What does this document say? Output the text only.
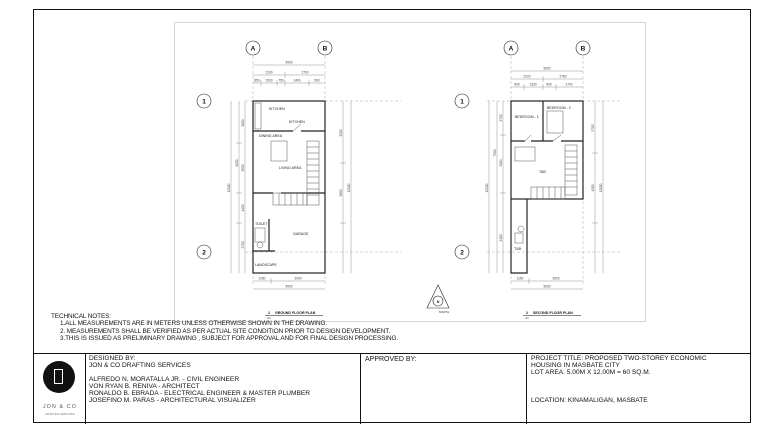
A	B
1
2
5000
2100	2700
850 1500 750	1400	500
12000
6200
3000
3000
1400
2700
3200
2600
12000
KITCHEN
KITCHEN
DINING AREA
LIVING AREA
TOILET
GARAGE
LANDSCAPE
1150	3000
5000
1
A1
GROUND FLOOR PLAN
A	B
1
2
5000
2220	2780
900	1300	900	1700
12000
7500
2700
3300
2100
2700
4500 12000
BEDROOM - 1
BEDROOM - 2
TAB
T&B
1150	3000
5000
2
A1
SECOND FLOOR PLAN
N
NORTH
TECHNICAL NOTES:
1.ALL MEASUREMENTS ARE IN METERS UNLESS OTHERWISE SHOWN IN THE DRAWING.
2. MEASUREMENTS SHALL BE VERIFIED AS PER ACTUAL SITE CONDITION PRIOR TO DESIGN DEVELOPMENT.
3.THIS IS ISSUED AS PRELIMINARY DRAWING , SUBJECT FOR APPROVAL AND FOR FINAL DESIGN PROCESSING.
JON & CO
DRAFTING SERVICES
DESIGNED BY:
JON & CO DRAFTING SERVICES
ALFREDO N. MORATALLA JR. - CIVIL ENGINEER
VON RYAN B. RENIVA - ARCHITECT
RONALDO B. EBRADA - ELECTRICAL ENGINEER & MASTER PLUMBER
JOSEFINO M. PARAS - ARCHITECTURAL VISUALIZER
APPROVED BY:	PROJECT TITLE: PROPOSED TWO-STOREY ECONOMIC
HOUSING IN MASBATE CITY
LOT AREA: 5.00M X 12.00M = 60 SQ.M.
LOCATION: KINAMALIGAN, MASBATE
